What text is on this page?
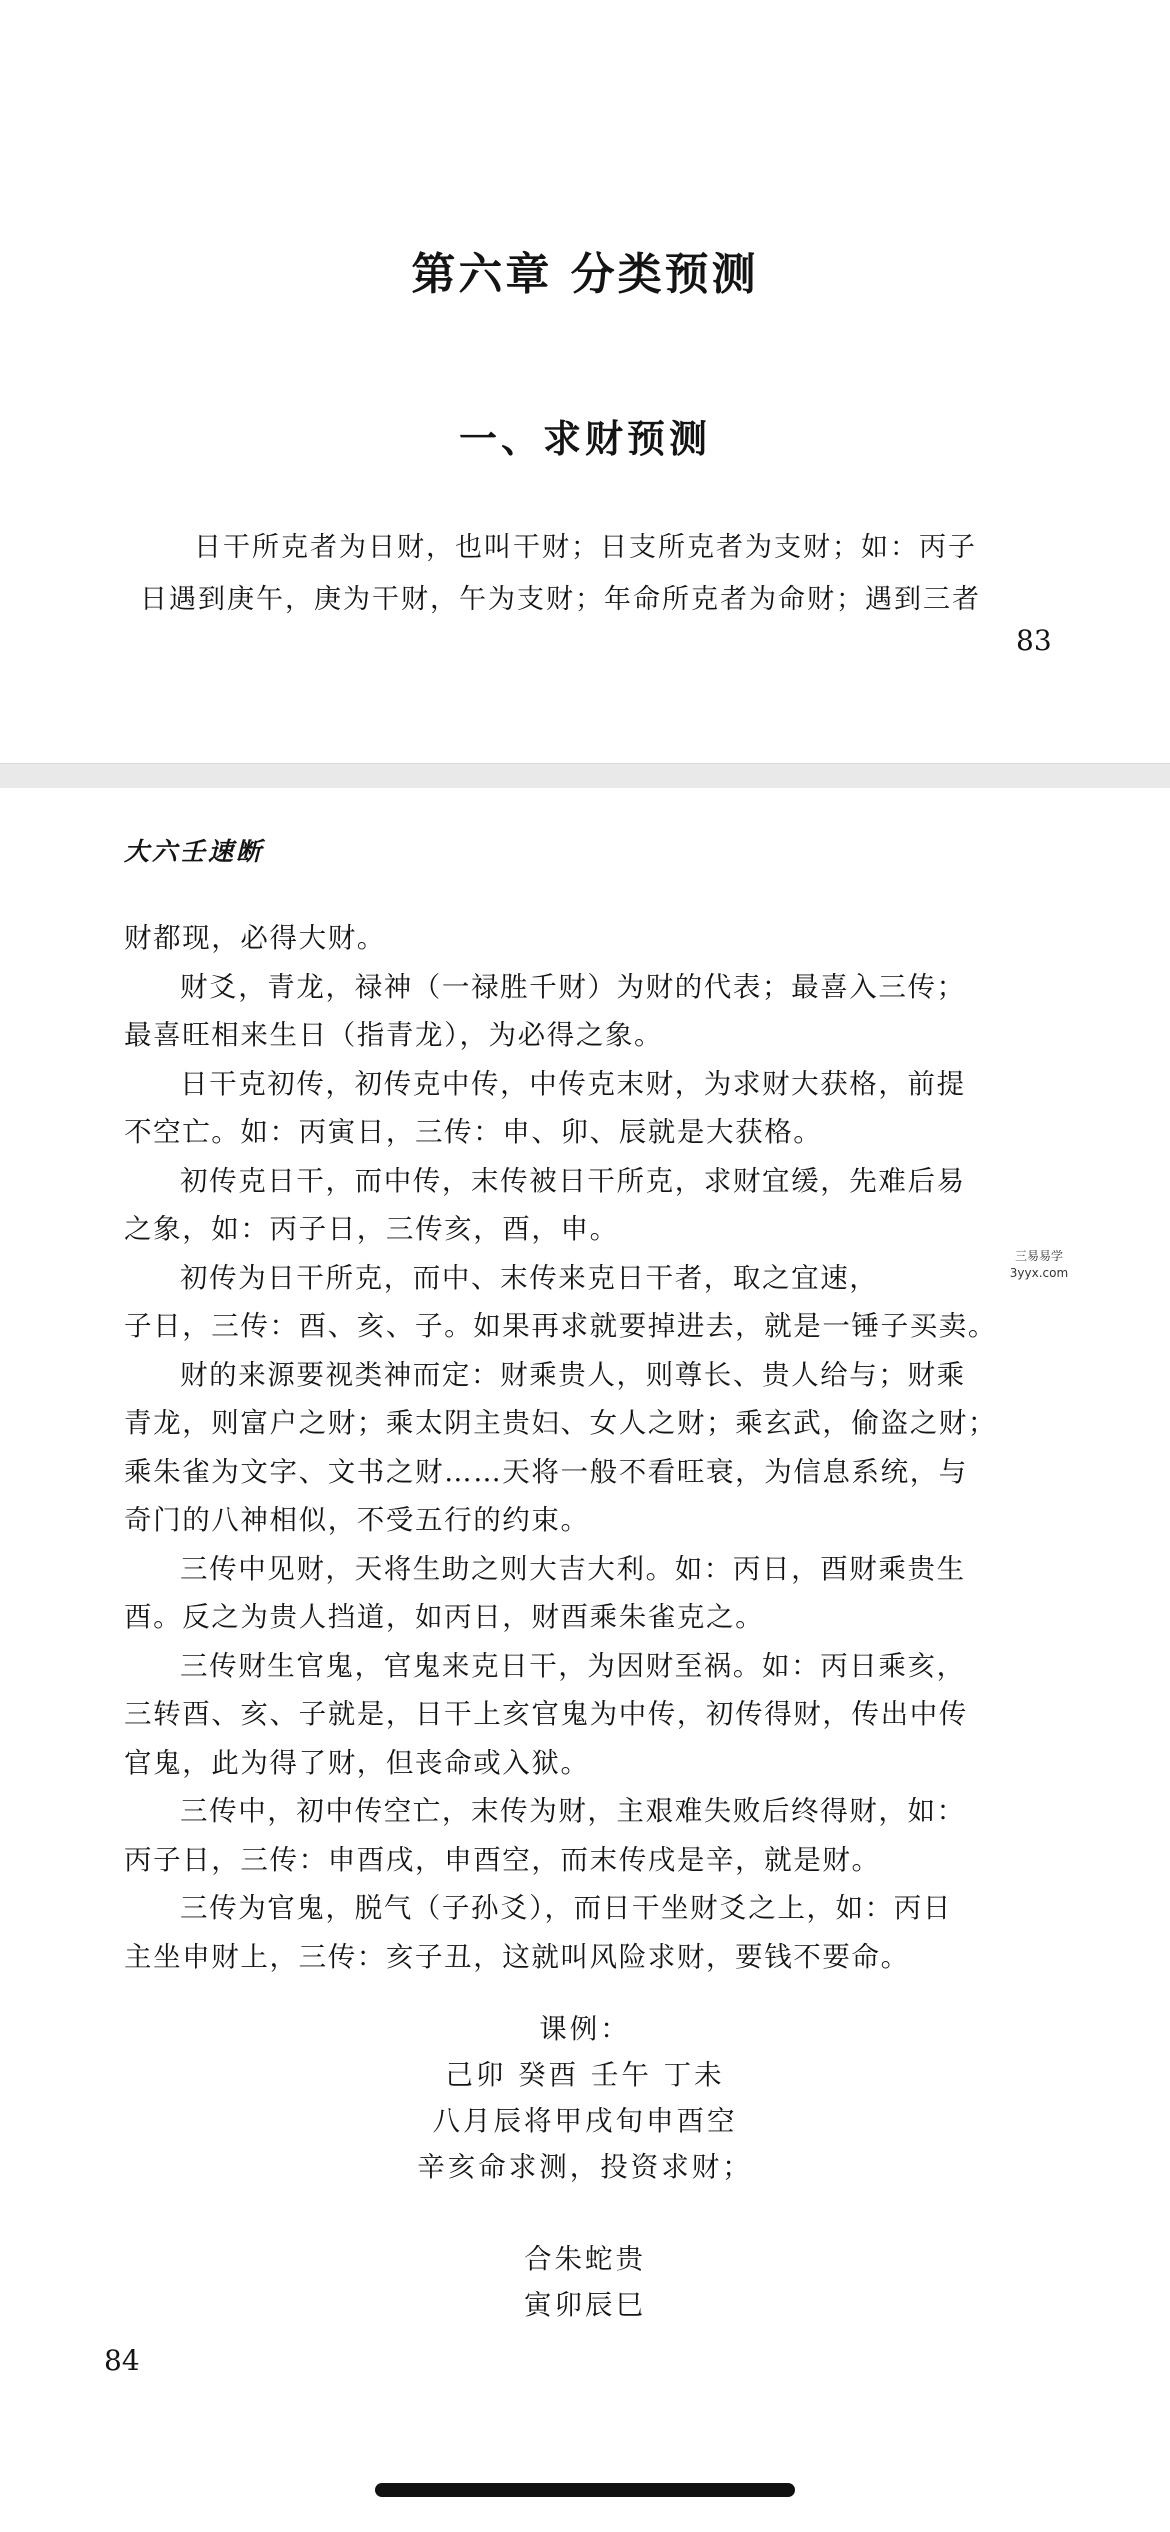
第六章 分类预测
一、求财预测
日干所克者为日财，也叫干财；日支所克者为支财；如：丙子
日遇到庚午，庚为干财，午为支财；年命所克者为命财；遇到三者
83
大六壬速断
财都现，必得大财。
财爻，青龙，禄神（一禄胜千财）为财的代表；最喜入三传；
最喜旺相来生日（指青龙），为必得之象。
日干克初传，初传克中传，中传克末财，为求财大获格，前提
不空亡。如：丙寅日，三传：申、卯、辰就是大获格。
初传克日干，而中传，末传被日干所克，求财宜缓，先难后易
之象，如：丙子日，三传亥，酉，申。
初传为日干所克，而中、末传来克日干者，取之宜速，
子日，三传：酉、亥、子。如果再求就要掉进去，就是一锤子买卖。
财的来源要视类神而定：财乘贵人，则尊长、贵人给与；财乘
青龙，则富户之财；乘太阴主贵妇、女人之财；乘玄武，偷盗之财；
乘朱雀为文字、文书之财……天将一般不看旺衰，为信息系统，与
奇门的八神相似，不受五行的约束。
三传中见财，天将生助之则大吉大利。如：丙日，酉财乘贵生
酉。反之为贵人挡道，如丙日，财酉乘朱雀克之。
三传财生官鬼，官鬼来克日干，为因财至祸。如：丙日乘亥，
三转酉、亥、子就是，日干上亥官鬼为中传，初传得财，传出中传
官鬼，此为得了财，但丧命或入狱。
三传中，初中传空亡，末传为财，主艰难失败后终得财，如：
丙子日，三传：申酉戌，申酉空，而末传戌是辛，就是财。
三传为官鬼，脱气（子孙爻），而日干坐财爻之上，如：丙日
主坐申财上，三传：亥子丑，这就叫风险求财，要钱不要命。
三易易学
3yyx.com
课例：
己卯 癸酉 壬午 丁未
八月辰将甲戌旬申酉空
辛亥命求测，投资求财；
合朱蛇贵
寅卯辰巳
84
